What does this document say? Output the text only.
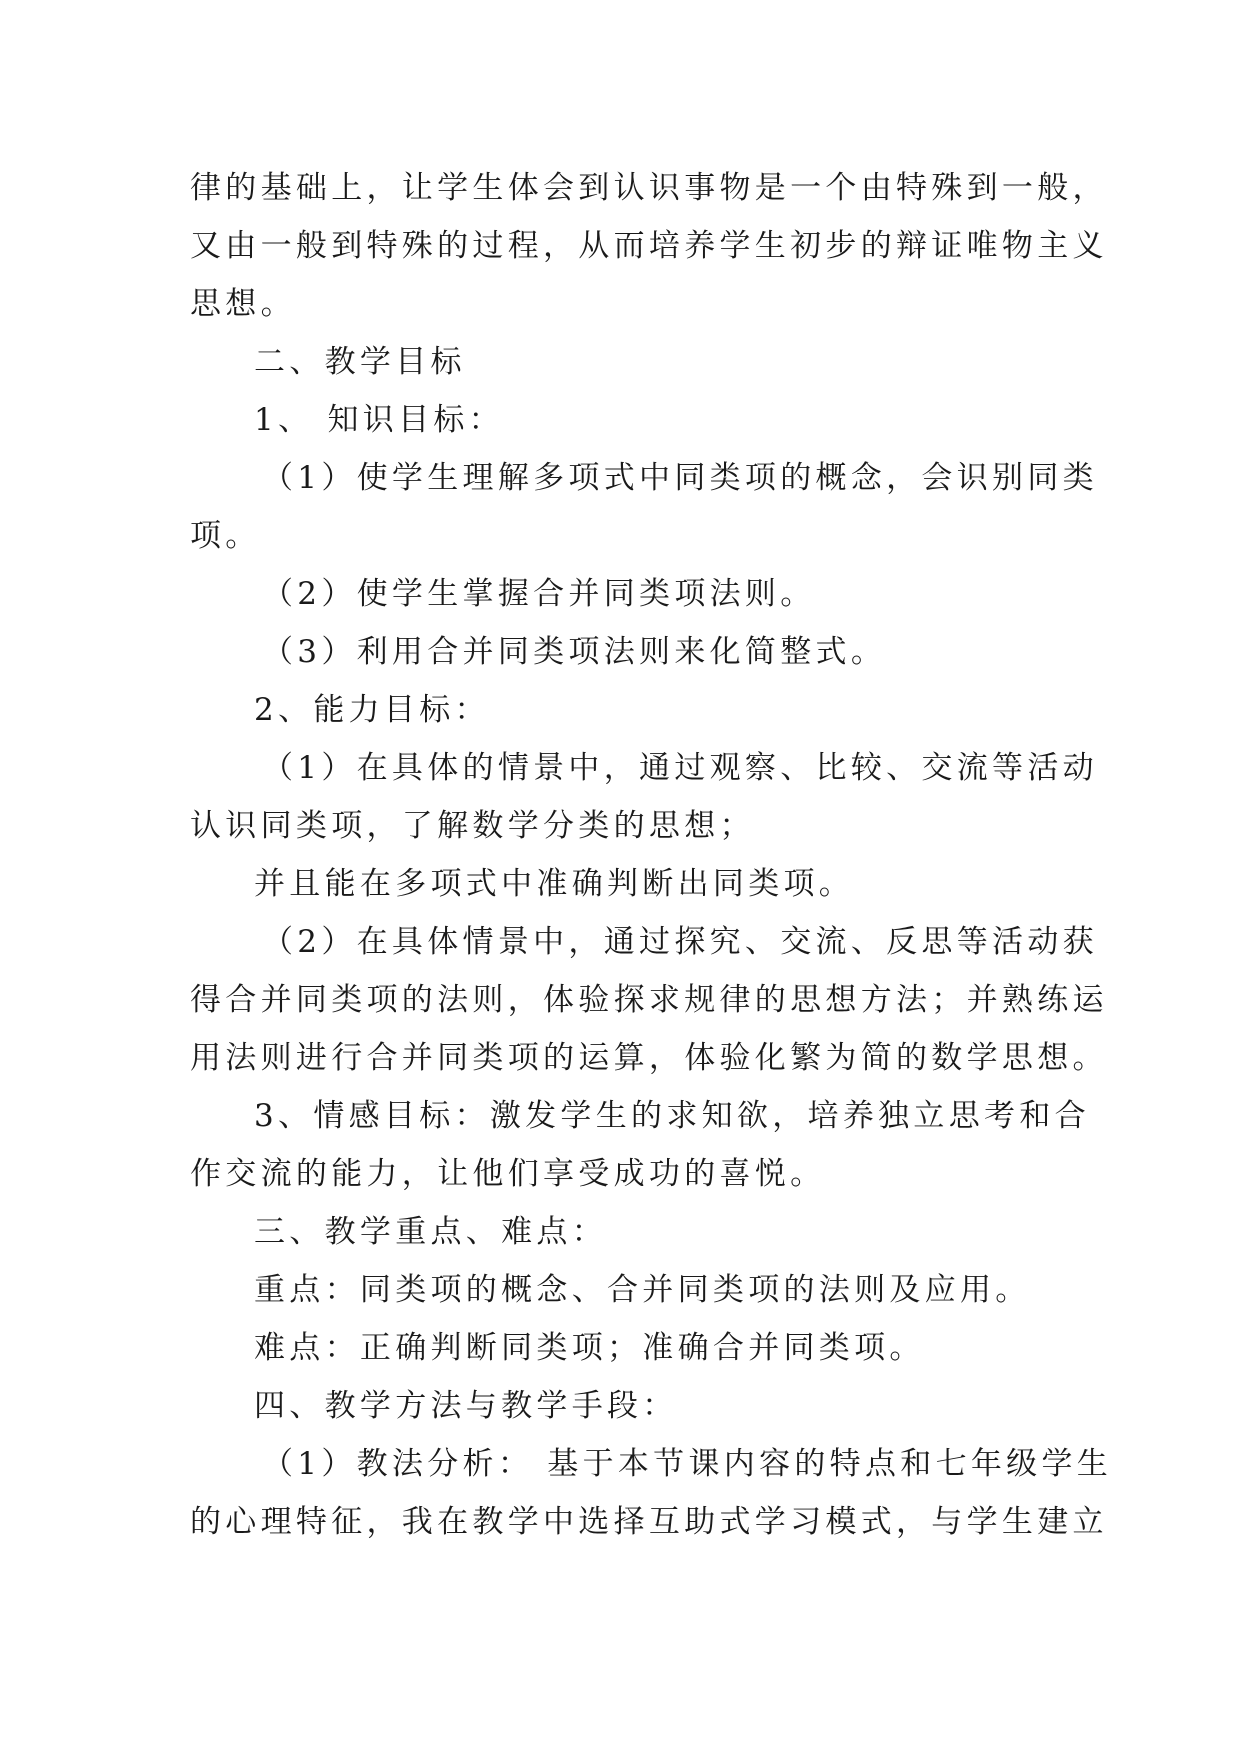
律的基础上，让学生体会到认识事物是一个由特殊到一般，
又由一般到特殊的过程，从而培养学生初步的辩证唯物主义
思想。
二、教学目标
1、 知识目标：
（1）使学生理解多项式中同类项的概念，会识别同类
项。
（2）使学生掌握合并同类项法则。
（3）利用合并同类项法则来化简整式。
2、能力目标：
（1）在具体的情景中，通过观察、比较、交流等活动
认识同类项，了解数学分类的思想；
并且能在多项式中准确判断出同类项。
（2）在具体情景中，通过探究、交流、反思等活动获
得合并同类项的法则，体验探求规律的思想方法；并熟练运
用法则进行合并同类项的运算，体验化繁为简的数学思想。
3、情感目标：激发学生的求知欲，培养独立思考和合
作交流的能力，让他们享受成功的喜悦。
三、教学重点、难点：
重点：同类项的概念、合并同类项的法则及应用。
难点：正确判断同类项；准确合并同类项。
四、教学方法与教学手段：
（1）教法分析： 基于本节课内容的特点和七年级学生
的心理特征，我在教学中选择互助式学习模式，与学生建立
